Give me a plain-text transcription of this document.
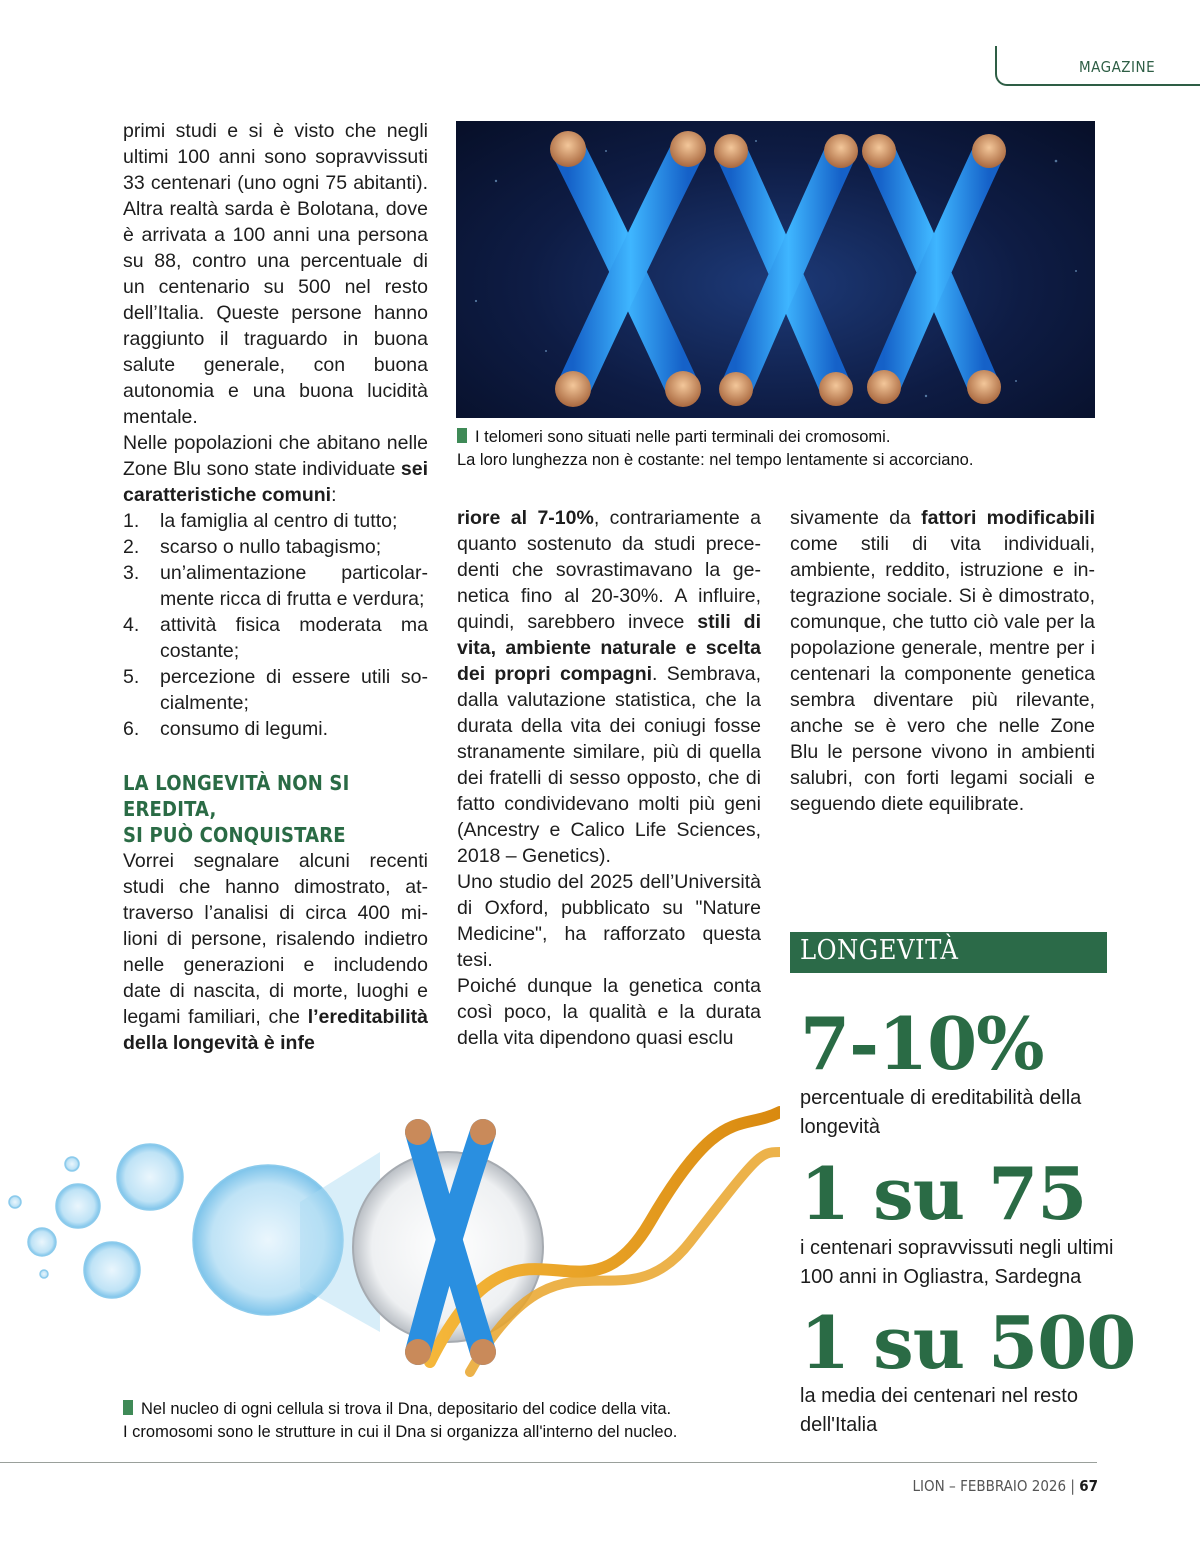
MAGAZINE

primi studi e si è visto che negli ultimi 100 anni sono sopravvissuti 33 centenari (uno ogni 75 abitanti). Altra realtà sarda è Bolotana, dove è arrivata a 100 anni una persona su 88, contro una percentuale di un centenario su 500 nel resto dell’Italia. Queste persone hanno raggiunto il traguardo in buona salute generale, con buona autonomia e una buona lucidità mentale.

Nelle popolazioni che abitano nelle Zone Blu sono state individuate sei caratteristiche comuni:

1. la famiglia al centro di tutto;
2. scarso o nullo tabagismo;
3. un’alimentazione particolarmente ricca di frutta e verdura;
4. attività fisica moderata ma costante;
5. percezione di essere utili socialmente;
6. consumo di legumi.
LA LONGEVITÀ NON SI EREDITA,
SI PUÒ CONQUISTARE

Vorrei segnalare alcuni recenti studi che hanno dimostrato, attraverso l’analisi di circa 400 milioni di persone, risalendo indietro nelle generazioni e includendo date di nascita, di morte, luoghi e legami familiari, che l’ereditabilità della longevità è infe

I telomeri sono situati nelle parti terminali dei cromosomi.
La loro lunghezza non è costante: nel tempo lentamente si accorciano.

riore al 7-10%, contrariamente a quanto sostenuto da studi precedenti che sovrastimavano la genetica fino al 20-30%. A influire, quindi, sarebbero invece stili di vita, ambiente naturale e scelta dei propri compagni. Sembrava, dalla valutazione statistica, che la durata della vita dei coniugi fosse stranamente similare, più di quella dei fratelli di sesso opposto, che di fatto condividevano molti più geni (Ancestry e Calico Life Sciences, 2018 – Genetics).

Uno studio del 2025 dell’Università di Oxford, pubblicato su "Nature Medicine", ha rafforzato questa tesi.

Poiché dunque la genetica conta così poco, la qualità e la durata della vita dipendono quasi esclu

sivamente da fattori modificabili come stili di vita individuali, ambiente, reddito, istruzione e integrazione sociale. Si è dimostrato, comunque, che tutto ciò vale per la popolazione generale, mentre per i centenari la componente genetica sembra diventare più rilevante, anche se è vero che nelle Zone Blu le persone vivono in ambienti salubri, con forti legami sociali e seguendo diete equilibrate.

Nel nucleo di ogni cellula si trova il Dna, depositario del codice della vita.
I cromosomi sono le strutture in cui il Dna si organizza all'interno del nucleo.
LONGEVITÀ
7-10%
percentuale di ereditabilità della longevità
1 su 75
i centenari sopravvissuti negli ultimi 100 anni in Ogliastra, Sardegna
1 su 500
la media dei centenari nel resto dell'Italia
LION – FEBBRAIO 2026 | 67
